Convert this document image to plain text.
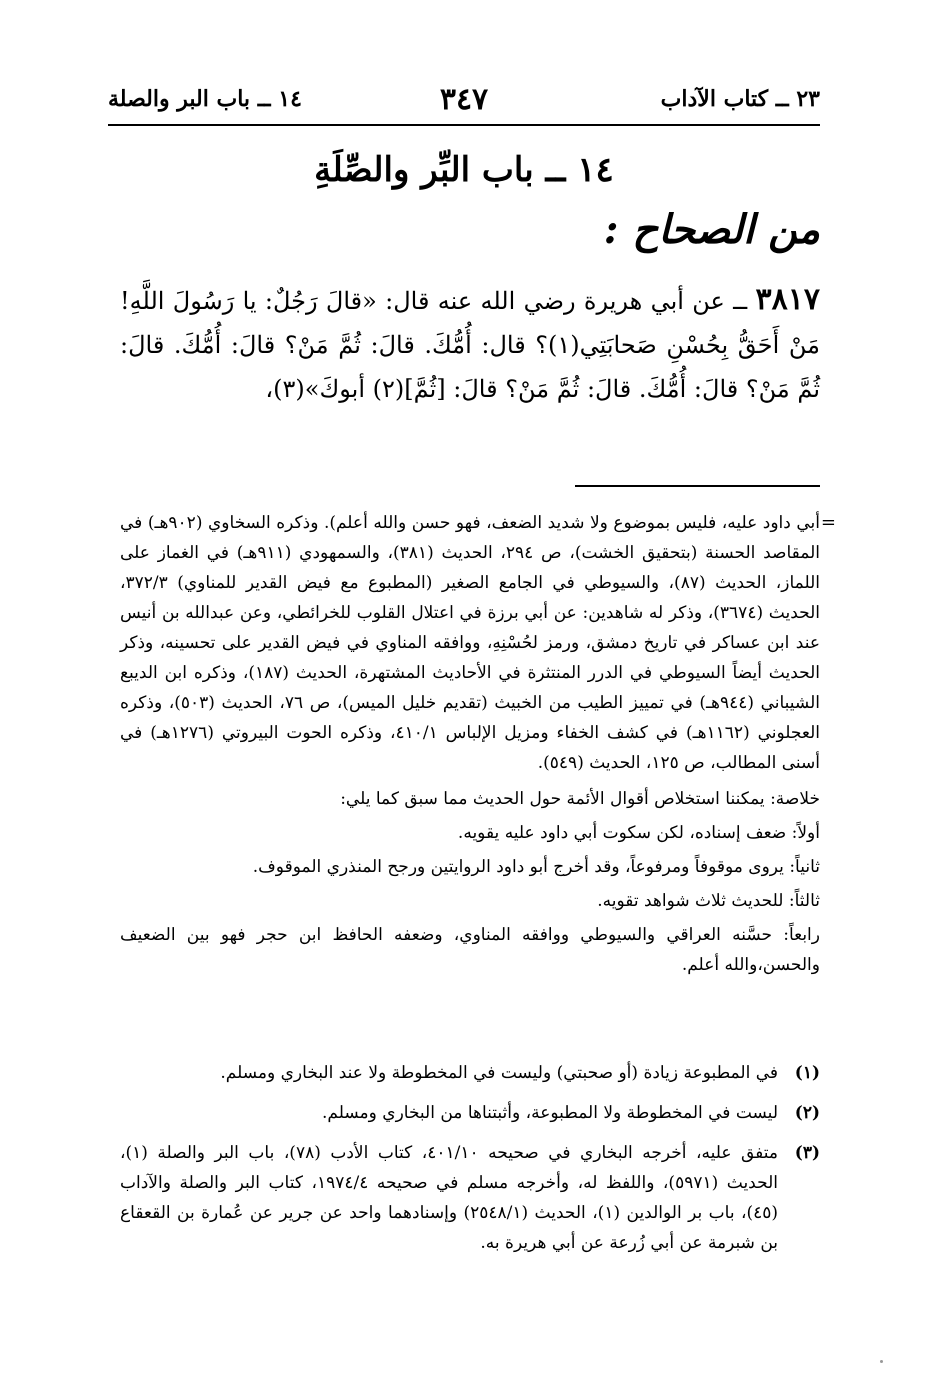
٢٣ ــ كتاب الآداب
٣٤٧
١٤ ــ باب البر والصلة
١٤ ــ باب البِّر والصِّلَةِ
من الصحاح :
٣٨١٧ ــ عن أبي هريرة رضي الله عنه قال: «قالَ رَجُلٌ: يا رَسُولَ اللَّهِ! مَنْ أَحَقُّ بِحُسْنِ صَحابَتِي(١)؟ قال: أُمُّكَ. قالَ: ثُمَّ مَنْ؟ قالَ: أُمُّكَ. قالَ: ثُمَّ مَنْ؟ قالَ: أُمُّكَ. قالَ: ثُمَّ مَنْ؟ قالَ: [ثُمَّ](٢) أبوكَ»(٣)،
=

أبي داود عليه، فليس بموضوع ولا شديد الضعف، فهو حسن والله أعلم). وذكره السخاوي (٩٠٢هـ) في المقاصد الحسنة (بتحقيق الخشت)، ص ٢٩٤، الحديث (٣٨١)، والسمهودي (٩١١هـ) في الغماز على اللماز، الحديث (٨٧)، والسيوطي في الجامع الصغير (المطبوع مع فيض القدير للمناوي) ٣٧٢/٣، الحديث (٣٦٧٤)، وذكر له شاهدين: عن أبي برزة في اعتلال القلوب للخرائطي، وعن عبدالله بن أنيس عند ابن عساكر في تاريخ دمشق، ورمز لحُسْنِهِ، ووافقه المناوي في فيض القدير على تحسينه، وذكر الحديث أيضاً السيوطي في الدرر المنتثرة في الأحاديث المشتهرة، الحديث (١٨٧)، وذكره ابن الديبع الشيباني (٩٤٤هـ) في تمييز الطيب من الخبيث (تقديم خليل الميس)، ص ٧٦، الحديث (٥٠٣)، وذكره العجلوني (١١٦٢هـ) في كشف الخفاء ومزيل الإلباس ٤١٠/١، وذكره الحوت البيروتي (١٢٧٦هـ) في أسنى المطالب، ص ١٢٥، الحديث (٥٤٩).

خلاصة: يمكننا استخلاص أقوال الأئمة حول الحديث مما سبق كما يلي:

أولاً: ضعف إسناده، لكن سكوت أبي داود عليه يقويه.

ثانياً: يروى موقوفاً ومرفوعاً، وقد أخرج أبو داود الروايتين ورجح المنذري الموقوف.

ثالثاً: للحديث ثلاث شواهد تقويه.

رابعاً: حسَّنه العراقي والسيوطي ووافقه المناوي، وضعفه الحافظ ابن حجر فهو بين الضعيف والحسن،والله أعلم.

(١)
في المطبوعة زيادة (أو صحبتي) وليست في المخطوطة ولا عند البخاري ومسلم.
(٢)
ليست في المخطوطة ولا المطبوعة، وأثبتناها من البخاري ومسلم.
(٣)
متفق عليه، أخرجه البخاري في صحيحه ٤٠١/١٠، كتاب الأدب (٧٨)، باب البر والصلة (١)، الحديث (٥٩٧١)، واللفظ له، وأخرجه مسلم في صحيحه ١٩٧٤/٤، كتاب البر والصلة والآداب (٤٥)، باب بر الوالدين (١)، الحديث (٢٥٤٨/١) وإسنادهما واحد عن جرير عن عُمارة بن القعقاع بن شبرمة عن أبي زُرعة عن أبي هريرة به.
